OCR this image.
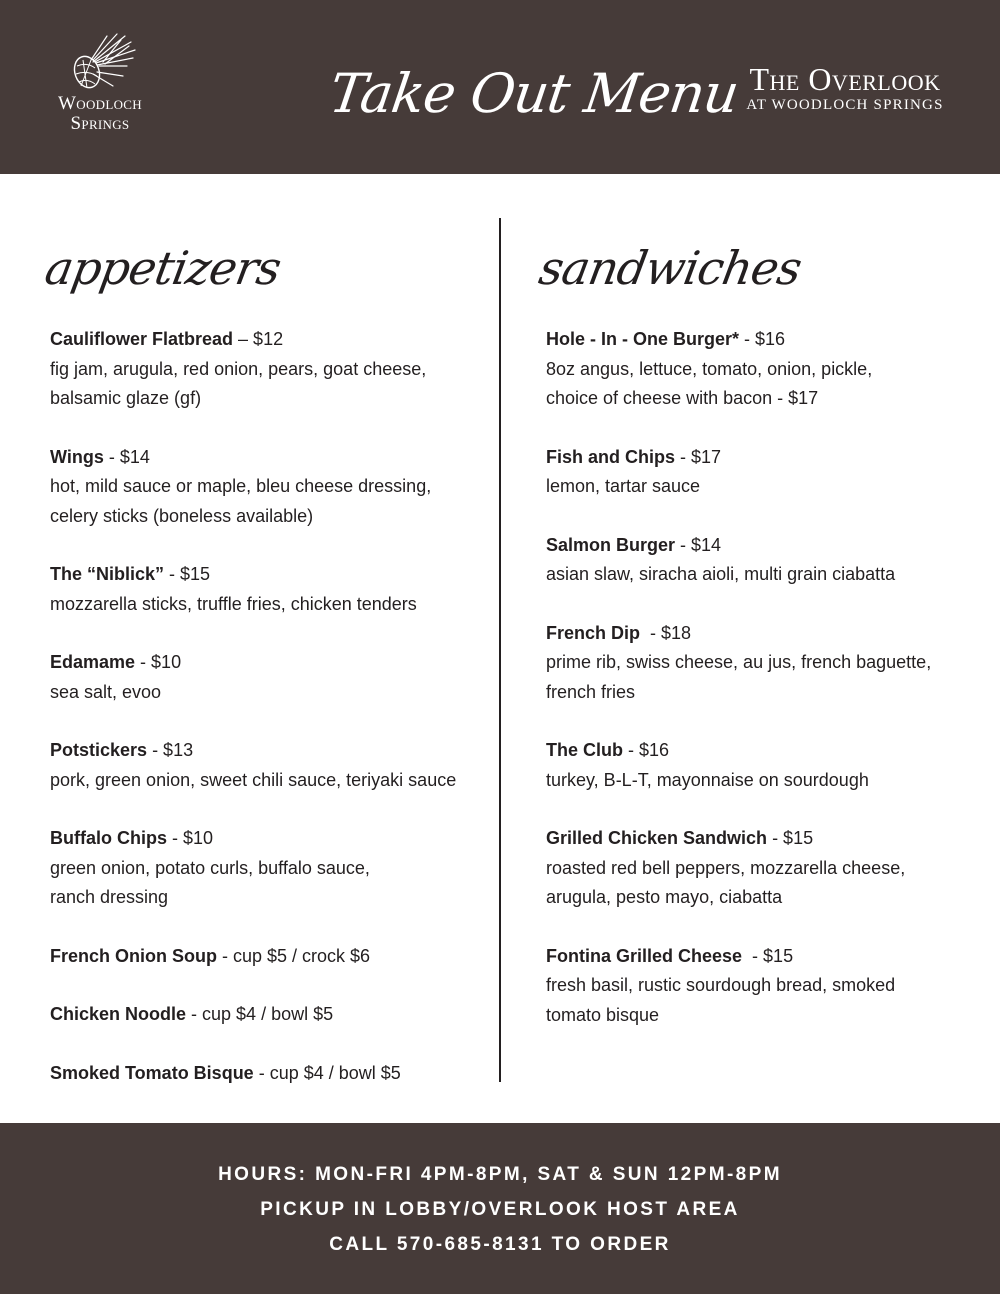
Woodloch
Springs	Take Out Menu The Overlook
AT WOODLOCH SPRINGS
appetizers	sandwiches
Cauliflower Flatbread – $12
fig jam, arugula, red onion, pears, goat cheese,
balsamic glaze (gf)
Wings - $14
hot, mild sauce or maple, bleu cheese dressing,
celery sticks (boneless available)
The “Niblick” - $15
mozzarella sticks, truffle fries, chicken tenders
Edamame - $10
sea salt, evoo
Potstickers - $13
pork, green onion, sweet chili sauce, teriyaki sauce
Buffalo Chips - $10
green onion, potato curls, buffalo sauce,
ranch dressing
French Onion Soup - cup $5 / crock $6
Chicken Noodle - cup $4 / bowl $5
Smoked Tomato Bisque - cup $4 / bowl $5
Hole - In - One Burger* - $16
8oz angus, lettuce, tomato, onion, pickle,
choice of cheese with bacon - $17
Fish and Chips - $17
lemon, tartar sauce
Salmon Burger - $14
asian slaw, siracha aioli, multi grain ciabatta
French Dip  - $18
prime rib, swiss cheese, au jus, french baguette,
french fries
The Club - $16
turkey, B-L-T, mayonnaise on sourdough
Grilled Chicken Sandwich - $15
roasted red bell peppers, mozzarella cheese,
arugula, pesto mayo, ciabatta
Fontina Grilled Cheese  - $15
fresh basil, rustic sourdough bread, smoked
tomato bisque
HOURS: MON-FRI 4PM-8PM, SAT & SUN 12PM-8PM
PICKUP IN LOBBY/OVERLOOK HOST AREA
CALL 570-685-8131 TO ORDER
